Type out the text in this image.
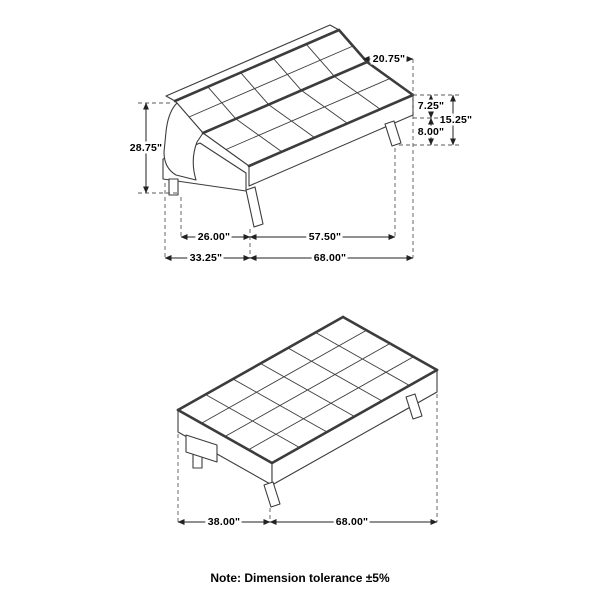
20.75"
7.25"
15.25"
8.00"
28.75"
26.00"	57.50"
33.25"	68.00"
38.00"	68.00"
Note: Dimension tolerance ±5%
